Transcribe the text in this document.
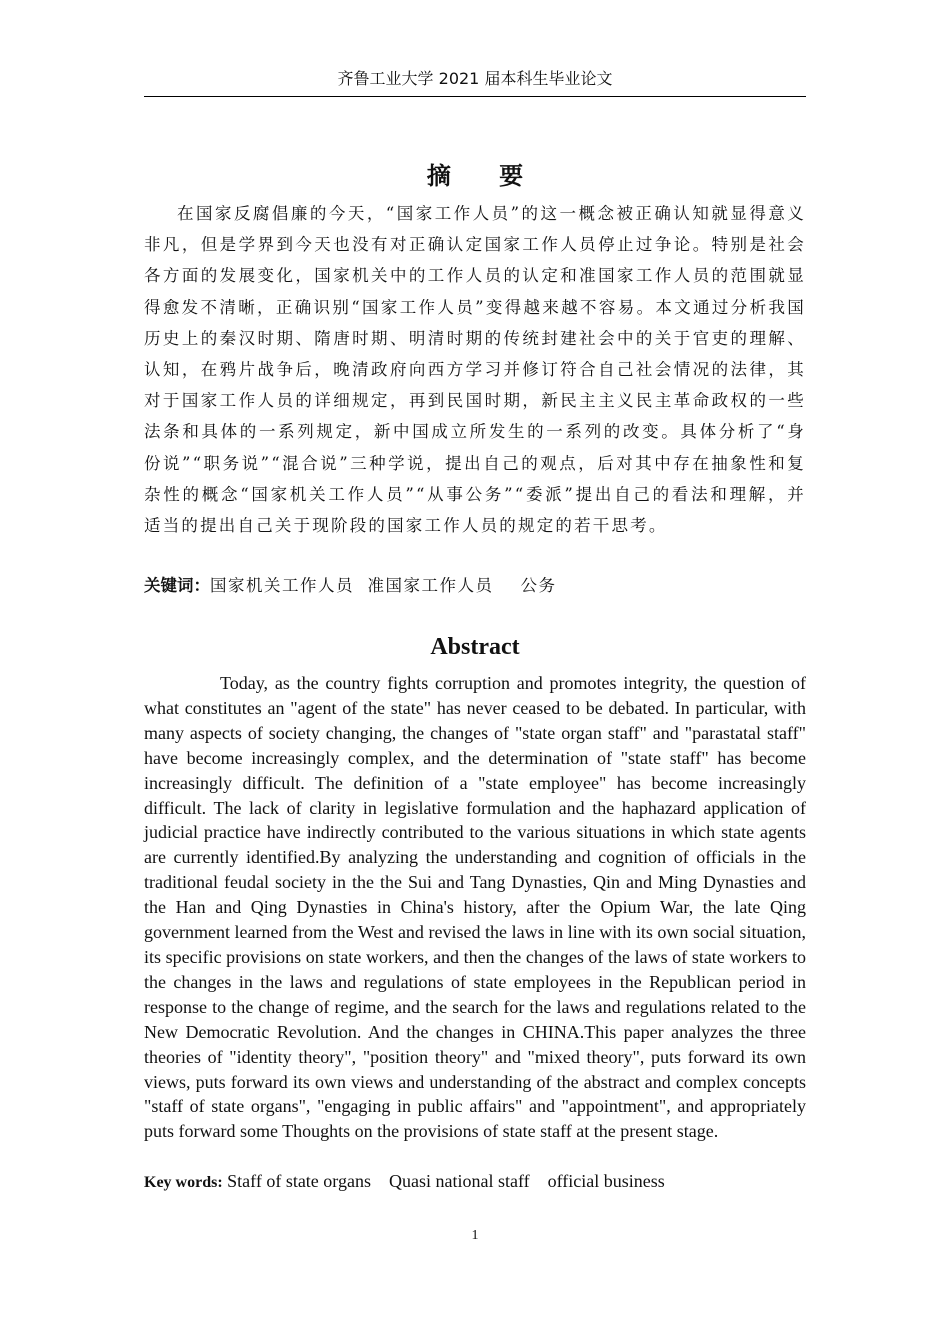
齐鲁工业大学 2021 届本科生毕业论文
摘 要
在国家反腐倡廉的今天，“国家工作人员”的这一概念被正确认知就显得意义非凡，但是学界到今天也没有对正确认定国家工作人员停止过争论。特别是社会各方面的发展变化，国家机关中的工作人员的认定和准国家工作人员的范围就显得愈发不清晰，正确识别“国家工作人员”变得越来越不容易。本文通过分析我国历史上的秦汉时期、隋唐时期、明清时期的传统封建社会中的关于官吏的理解、认知，在鸦片战争后，晚清政府向西方学习并修订符合自己社会情况的法律，其对于国家工作人员的详细规定，再到民国时期，新民主主义民主革命政权的一些法条和具体的一系列规定，新中国成立所发生的一系列的改变。具体分析了“身份说”“职务说”“混合说”三种学说，提出自己的观点，后对其中存在抽象性和复杂性的概念“国家机关工作人员”“从事公务”“委派”提出自己的看法和理解，并适当的提出自己关于现阶段的国家工作人员的规定的若干思考。
关键词：国家机关工作人员 准国家工作人员 公务
Abstract
Today, as the country fights corruption and promotes integrity, the question of what constitutes an "agent of the state" has never ceased to be debated. In particular, with many aspects of society changing, the changes of "state organ staff" and "parastatal staff" have become increasingly complex, and the determination of "state staff" has become increasingly difficult. The definition of a "state employee" has become increasingly difficult. The lack of clarity in legislative formulation and the haphazard application of judicial practice have indirectly contributed to the various situations in which state agents are currently identified.By analyzing the understanding and cognition of officials in the traditional feudal society in the the Sui and Tang Dynasties, Qin and Ming Dynasties and the Han and Qing Dynasties in China's history, after the Opium War, the late Qing government learned from the West and revised the laws in line with its own social situation, its specific provisions on state workers, and then the changes of the laws of state workers to the changes in the laws and regulations of state employees in the Republican period in response to the change of regime, and the search for the laws and regulations related to the New Democratic Revolution. And the changes in CHINA.This paper analyzes the three theories of "identity theory", "position theory" and "mixed theory", puts forward its own views, puts forward its own views and understanding of the abstract and complex concepts "staff of state organs", "engaging in public affairs" and "appointment", and appropriately puts forward some Thoughts on the provisions of state staff at the present stage.
Key words: Staff of state organs Quasi national staff official business
1
